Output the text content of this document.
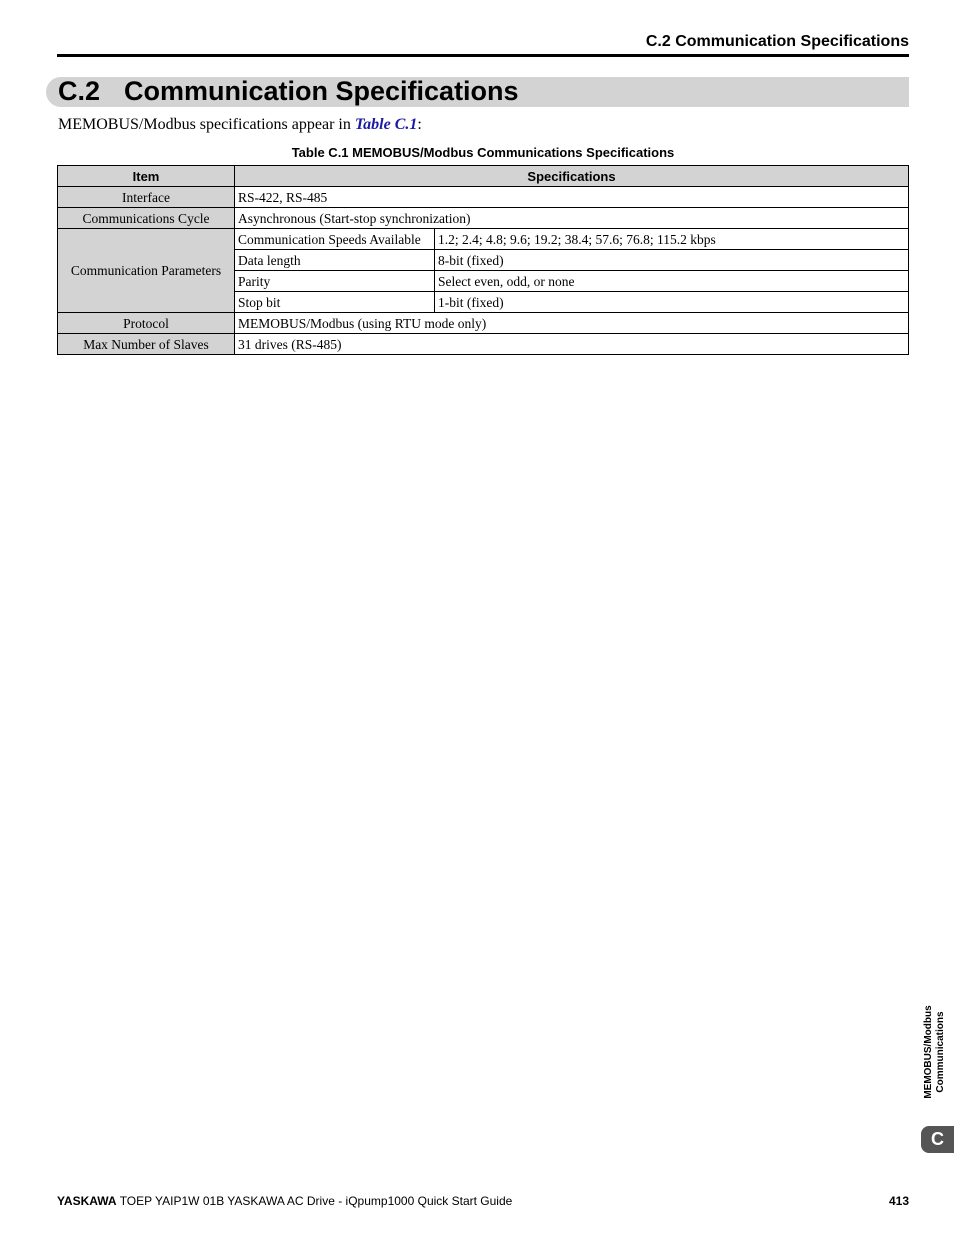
C.2 Communication Specifications
C.2 Communication Specifications
MEMOBUS/Modbus specifications appear in Table C.1:
Table C.1 MEMOBUS/Modbus Communications Specifications
Item	Specifications	
Interface	RS-422, RS-485	
Communications Cycle	Asynchronous (Start-stop synchronization)	
Communication Parameters	Communication Speeds Available	1.2; 2.4; 4.8; 9.6; 19.2; 38.4; 57.6; 76.8; 115.2 kbps
	Data length	8-bit (fixed)
	Parity	Select even, odd, or none
	Stop bit	1-bit (fixed)
Protocol	MEMOBUS/Modbus (using RTU mode only)	
Max Number of Slaves	31 drives (RS-485)	
MEMOBUS/Modbus Communications
C
YASKAWA TOEP YAIP1W 01B YASKAWA AC Drive - iQpump1000 Quick Start Guide	413
